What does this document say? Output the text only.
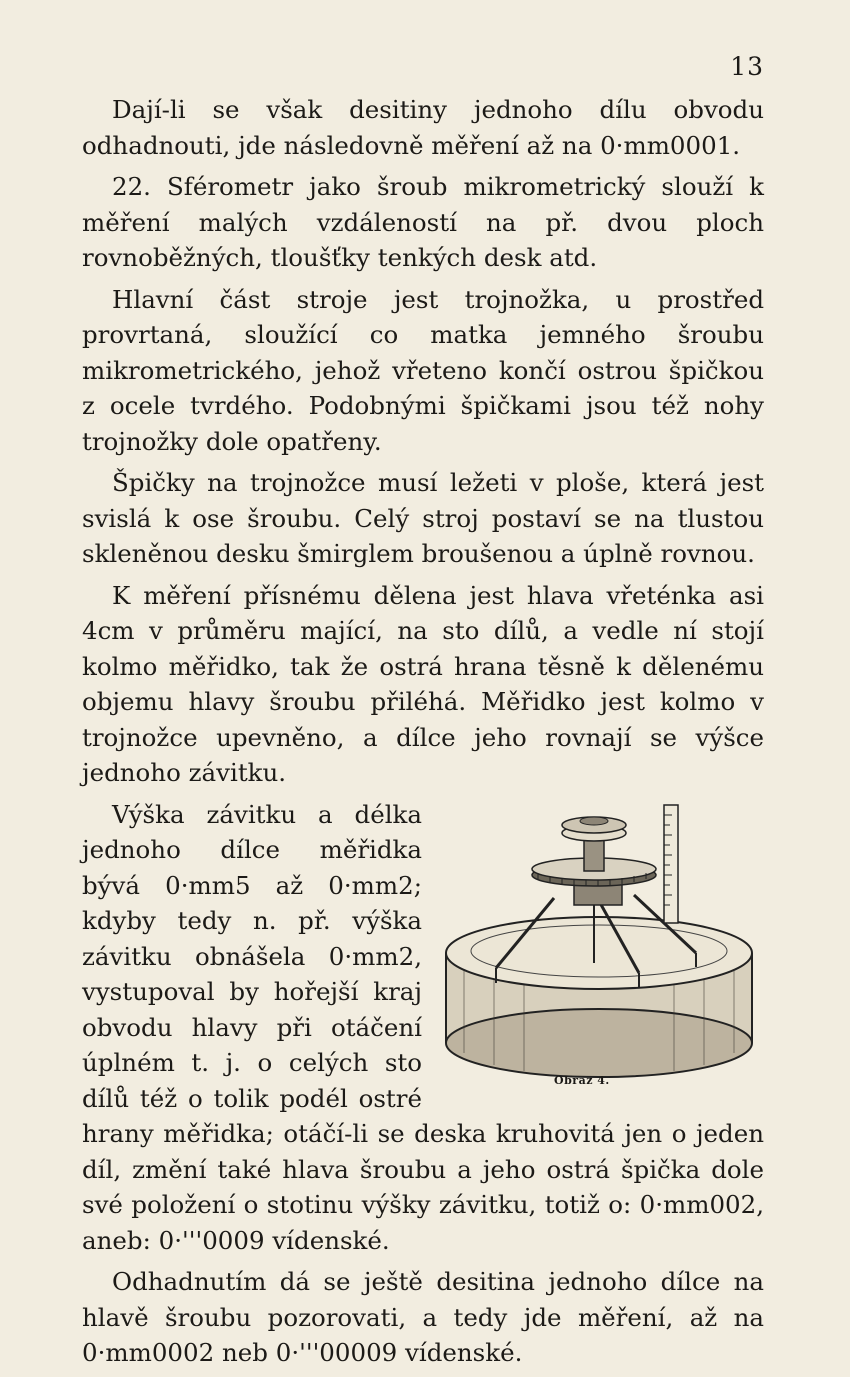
13

Dají-li se však desitiny jednoho dílu obvodu odhadnouti, jde následovně měření až na 0·mm0001.

22. Sférometr jako šroub mikrometrický slouží k měření malých vzdáleností na př. dvou ploch rovnoběžných, tloušťky tenkých desk atd.

Hlavní část stroje jest trojnožka, u prostřed provrtaná, sloužící co matka jemného šroubu mikrometrického, jehož vřeteno končí ostrou špičkou z ocele tvrdého. Podobnými špičkami jsou též nohy trojnožky dole opatřeny.

Špičky na trojnožce musí ležeti v ploše, která jest svislá k ose šroubu. Celý stroj postaví se na tlustou skleněnou desku šmirglem broušenou a úplně rovnou.

K měření přísnému dělena jest hlava vřeténka asi 4cm v průměru mající, na sto dílů, a vedle ní stojí kolmo měřidko, tak že ostrá hrana těsně k dělenému objemu hlavy šroubu přiléhá. Měřidko jest kolmo v trojnožce upevněno, a dílce jeho rovnají se výšce jednoho závitku.

Obraz 4.

Výška závitku a délka jednoho dílce měřidka bývá 0·mm5 až 0·mm2; kdyby tedy n. př. výška závitku obnášela 0·mm2, vystupoval by hořejší kraj obvodu hlavy při otáčení úplném t. j. o celých sto dílů též o tolik podél ostré hrany měřidka; otáčí-li se deska kruhovitá jen o jeden díl, změní také hlava šroubu a jeho ostrá špička dole své položení o stotinu výšky závitku, totiž o: 0·mm002, aneb: 0·'''0009 vídenské.

Odhadnutím dá se ještě desitina jednoho dílce na hlavě šroubu pozorovati, a tedy jde měření, až na 0·mm0002 neb 0·'''00009 vídenské.
